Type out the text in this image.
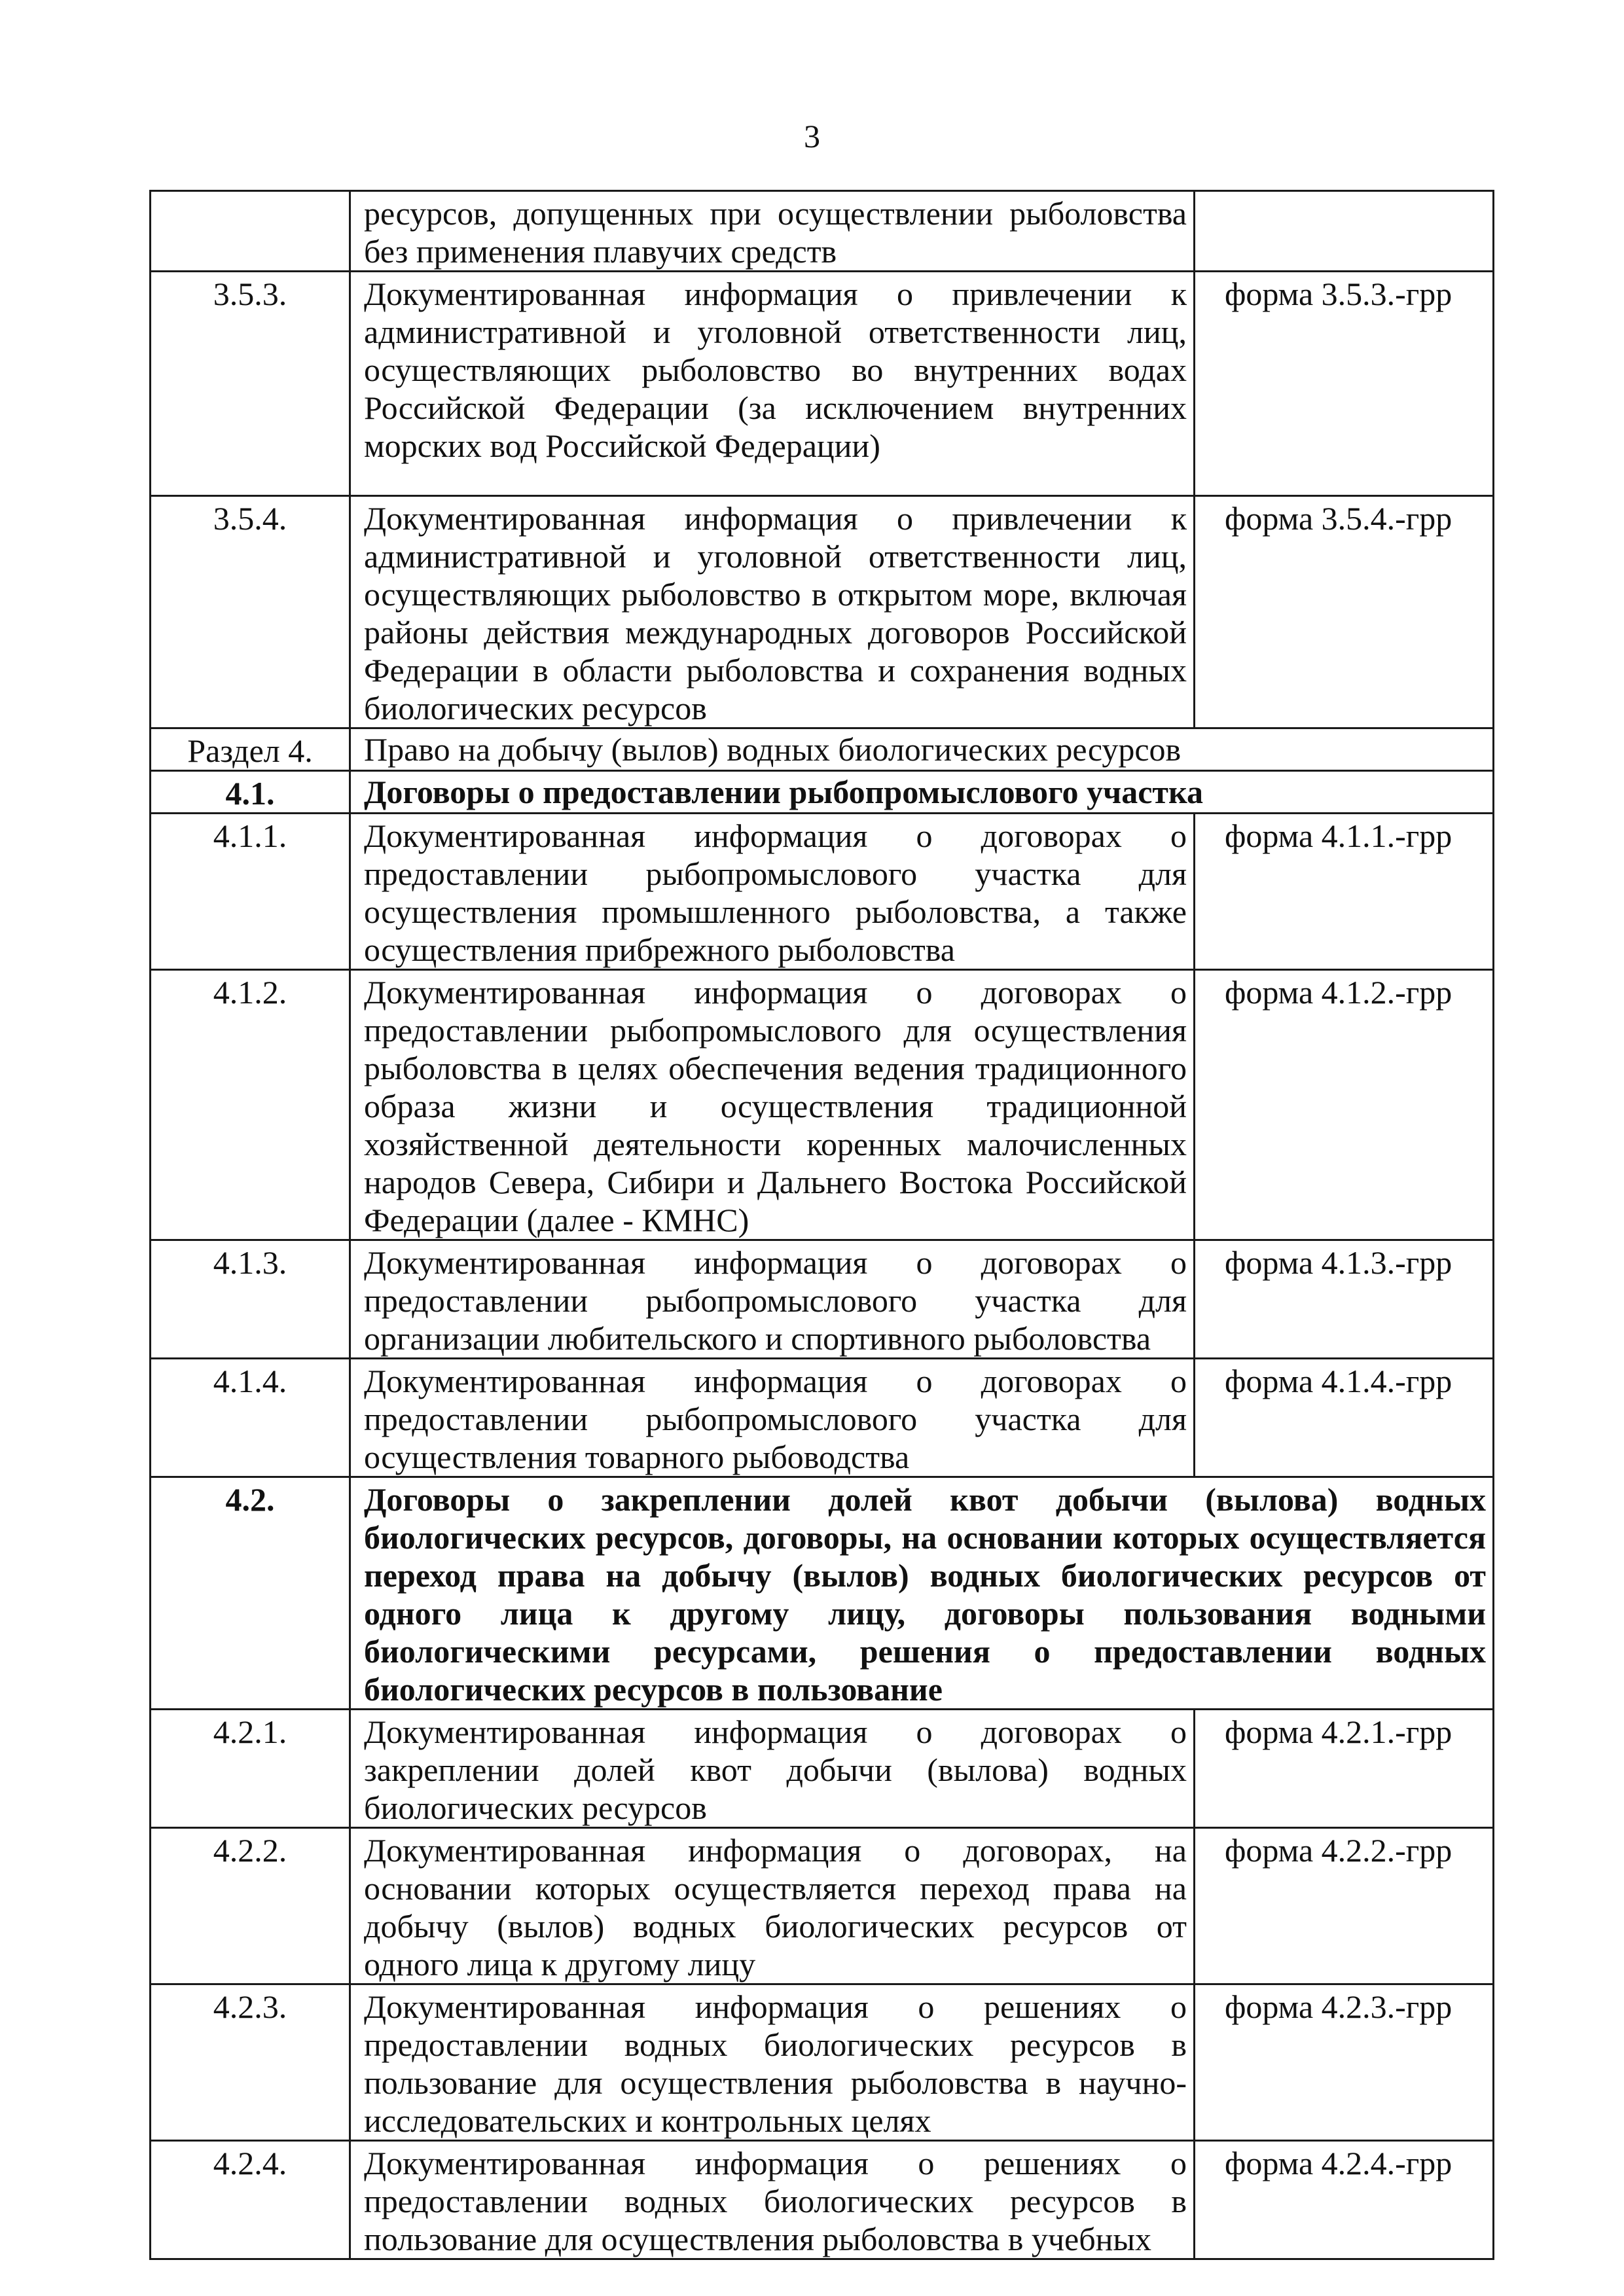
3
	ресурсов, допущенных при осуществлении рыболовства без применения плавучих средств	
3.5.3.	Документированная информация о привлечении к административной и уголовной ответственности лиц, осуществляющих рыболовство во внутренних водах Российской Федерации (за исключением внутренних морских вод Российской Федерации)	форма 3.5.3.-грр
3.5.4.	Документированная информация о привлечении к административной и уголовной ответственности лиц, осуществляющих рыболовство в открытом море, включая районы действия международных договоров Российской Федерации в области рыболовства и сохранения водных биологических ресурсов	форма 3.5.4.-грр
Раздел 4.	Право на добычу (вылов) водных биологических ресурсов	
4.1.	Договоры о предоставлении рыбопромыслового участка	
4.1.1.	Документированная информация о договорах о предоставлении рыбопромыслового участка для осуществления промышленного рыболовства, а также осуществления прибрежного рыболовства	форма 4.1.1.-грр
4.1.2.	Документированная информация о договорах о предоставлении рыбопромыслового для осуществления рыболовства в целях обеспечения ведения традиционного образа жизни и осуществления традиционной хозяйственной деятельности коренных малочисленных народов Севера, Сибири и Дальнего Востока Российской Федерации (далее - КМНС)	форма 4.1.2.-грр
4.1.3.	Документированная информация о договорах о предоставлении рыбопромыслового участка для организации любительского и спортивного рыболовства	форма 4.1.3.-грр
4.1.4.	Документированная информация о договорах о предоставлении рыбопромыслового участка для осуществления товарного рыбоводства	форма 4.1.4.-грр
4.2.	Договоры о закреплении долей квот добычи (вылова) водных биологических ресурсов, договоры, на основании которых осуществляется переход права на добычу (вылов) водных биологических ресурсов от одного лица к другому лицу, договоры пользования водными биологическими ресурсами, решения о предоставлении водных биологических ресурсов в пользование	
4.2.1.	Документированная информация о договорах о закреплении долей квот добычи (вылова) водных биологических ресурсов	форма 4.2.1.-грр
4.2.2.	Документированная информация о договорах, на основании которых осуществляется переход права на добычу (вылов) водных биологических ресурсов от одного лица к другому лицу	форма 4.2.2.-грр
4.2.3.	Документированная информация о решениях о предоставлении водных биологических ресурсов в пользование для осуществления рыболовства в научно-исследовательских и контрольных целях	форма 4.2.3.-грр
4.2.4.	Документированная информация о решениях о предоставлении водных биологических ресурсов в пользование для осуществления рыболовства в учебных	форма 4.2.4.-грр
